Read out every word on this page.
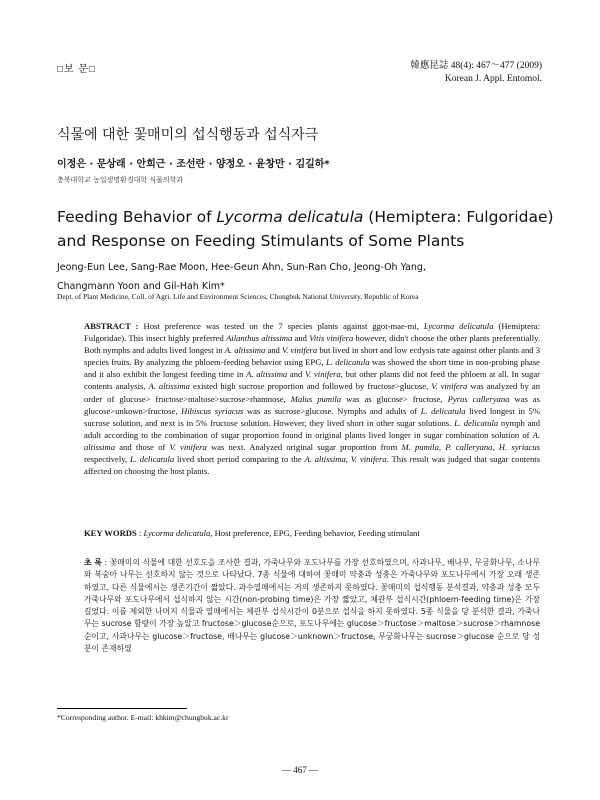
□보 문□	韓應昆誌 48(4): 467～477 (2009)
Korean J. Appl. Entomol.
식물에 대한 꽃매미의 섭식행동과 섭식자극

이정은 · 문상래 · 안희근 · 조선란 · 양정오 · 윤창만 · 김길하*

충북대학교 농업생명환경대학 식물의학과

Feeding Behavior of Lycorma delicatula (Hemiptera: Fulgoridae) and Response on Feeding Stimulants of Some Plants
Jeong-Eun Lee, Sang-Rae Moon, Hee-Geun Ahn, Sun-Ran Cho, Jeong-Oh Yang,
Changmann Yoon and Gil-Hah Kim*

Dept. of Plant Medicine, Coll. of Agri. Life and Environment Sciences, Chungbuk National University, Republic of Korea

ABSTRACT : Host preference was tested on the 7 species plants against ggot-mae-mi, Lycorma delicatula (Hemiptera: Fulgoridae). This insect highly preferred Ailanthus altissima and Vitis vinifera however, didn't choose the other plants preferentially. Both nymphs and adults lived longest in A. altissima and V. vinifera but lived in short and low ecdysis rate against other plants and 3 species fruits. By analyzing the phloem-feeding behavior using EPG, L. delicatula was showed the short time in non-probing phase and it also exhibit the longest feeding time in A. altissima and V. vinifera, but other plants did not feed the phloem at all. In sugar contents analysis, A. altissima existed high sucrose proportion and followed by fructose>glucose, V. vinifera was analyzed by an order of glucose> fructose>maltose>sucrose>rhamnose, Malus pumila was as glucose> fructose, Pyrus calleryana was as glucose>unkown>fructose, Hibiscus syriacus was as sucrose>glucose. Nymphs and adults of L. delicatula lived longest in 5% sucrose solution, and next is in 5% fructose solution. However, they lived short in other sugar solutions. L. delicatula nymph and adult according to the combination of sugar proportion found in original plants lived longer in sugar combination solution of A. altissima and those of V. vinifera was next. Analyzed original sugar proportion from M. pumila, P. calleryana, H. syriacus respectively, L. delicatula lived short period comparing to the A. altissima, V. vinifera. This result was judged that sugar contents affected on choosing the host plants.

KEY WORDS : Lycorma delicatula, Host preference, EPG, Feeding behavior, Feeding stimulant

초 록 : 꽃매미의 식물에 대한 선호도을 조사한 결과, 가죽나무와 포도나무를 가장 선호하였으며, 사과나무, 배나무, 무궁화나무, 소나무와 복숭아 나무는 선호하지 않는 것으로 나타났다. 7종 식물에 대하여 꽃매미 약충과 성충은 가죽나무와 포도나무에서 가장 오래 생존하였고, 다른 식물에서는 생존기간이 짧았다. 과수열매에서는 거의 생존하지 못하였다. 꽃매미의 섭식행동 분석결과, 약충과 성충 모두 가죽나무와 포도나무에서 섭식하지 않는 시간(non-probing time)은 가장 짧았고, 체관부 섭식시간(phloem-feeding time)은 가장 길었다. 이를 제외한 나머지 식물과 열매에서는 체관부 섭식시간이 0분으로 섭식을 하지 못하였다. 5종 식물을 당 분석한 결과, 가죽나무는 sucrose 함량이 가장 높았고 fructose＞glucose순으로, 포도나무에는 glucose＞fructose＞maltose＞sucrose＞rhamnose순이고, 사과나무는 glucose＞fructose, 배나무는 glucose＞unknown＞fructose, 무궁화나무는 sucrose＞glucose 순으로 당 성분이 존재하였

*Corresponding author. E-mail: khkim@chungbuk.ac.kr

― 467 ―
